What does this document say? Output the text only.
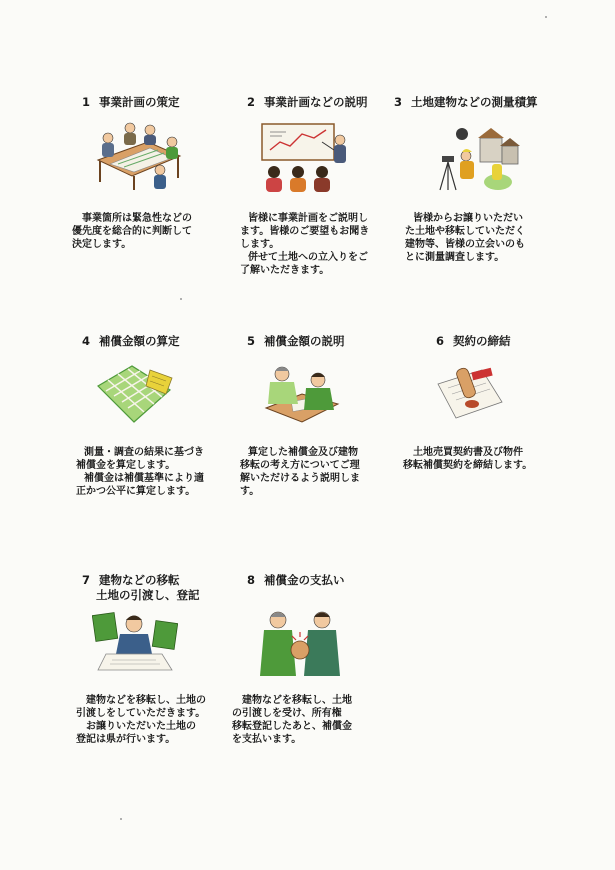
1 事業計画の策定
事業箇所は緊急性などの
優先度を総合的に判断して
決定します。
2 事業計画などの説明
皆様に事業計画をご説明し
ます。皆様のご要望もお聞き
します。
併せて土地への立入りをご
了解いただきます。
3 土地建物などの測量積算
皆様からお譲りいただい
た土地や移転していただく
建物等、皆様の立会いのも
とに測量調査します。
4 補償金額の算定
測量・調査の結果に基づき
補償金を算定します。
補償金は補償基準により適
正かつ公平に算定します。
5 補償金額の説明
算定した補償金及び建物
移転の考え方についてご理
解いただけるよう説明しま
す。
6 契約の締結
土地売買契約書及び物件
移転補償契約を締結します。
7 建物などの移転
土地の引渡し、登記
建物などを移転し、土地の
引渡しをしていただきます。
お譲りいただいた土地の
登記は県が行います。
8 補償金の支払い
建物などを移転し、土地
の引渡しを受け、所有権
移転登記したあと、補償金
を支払います。
